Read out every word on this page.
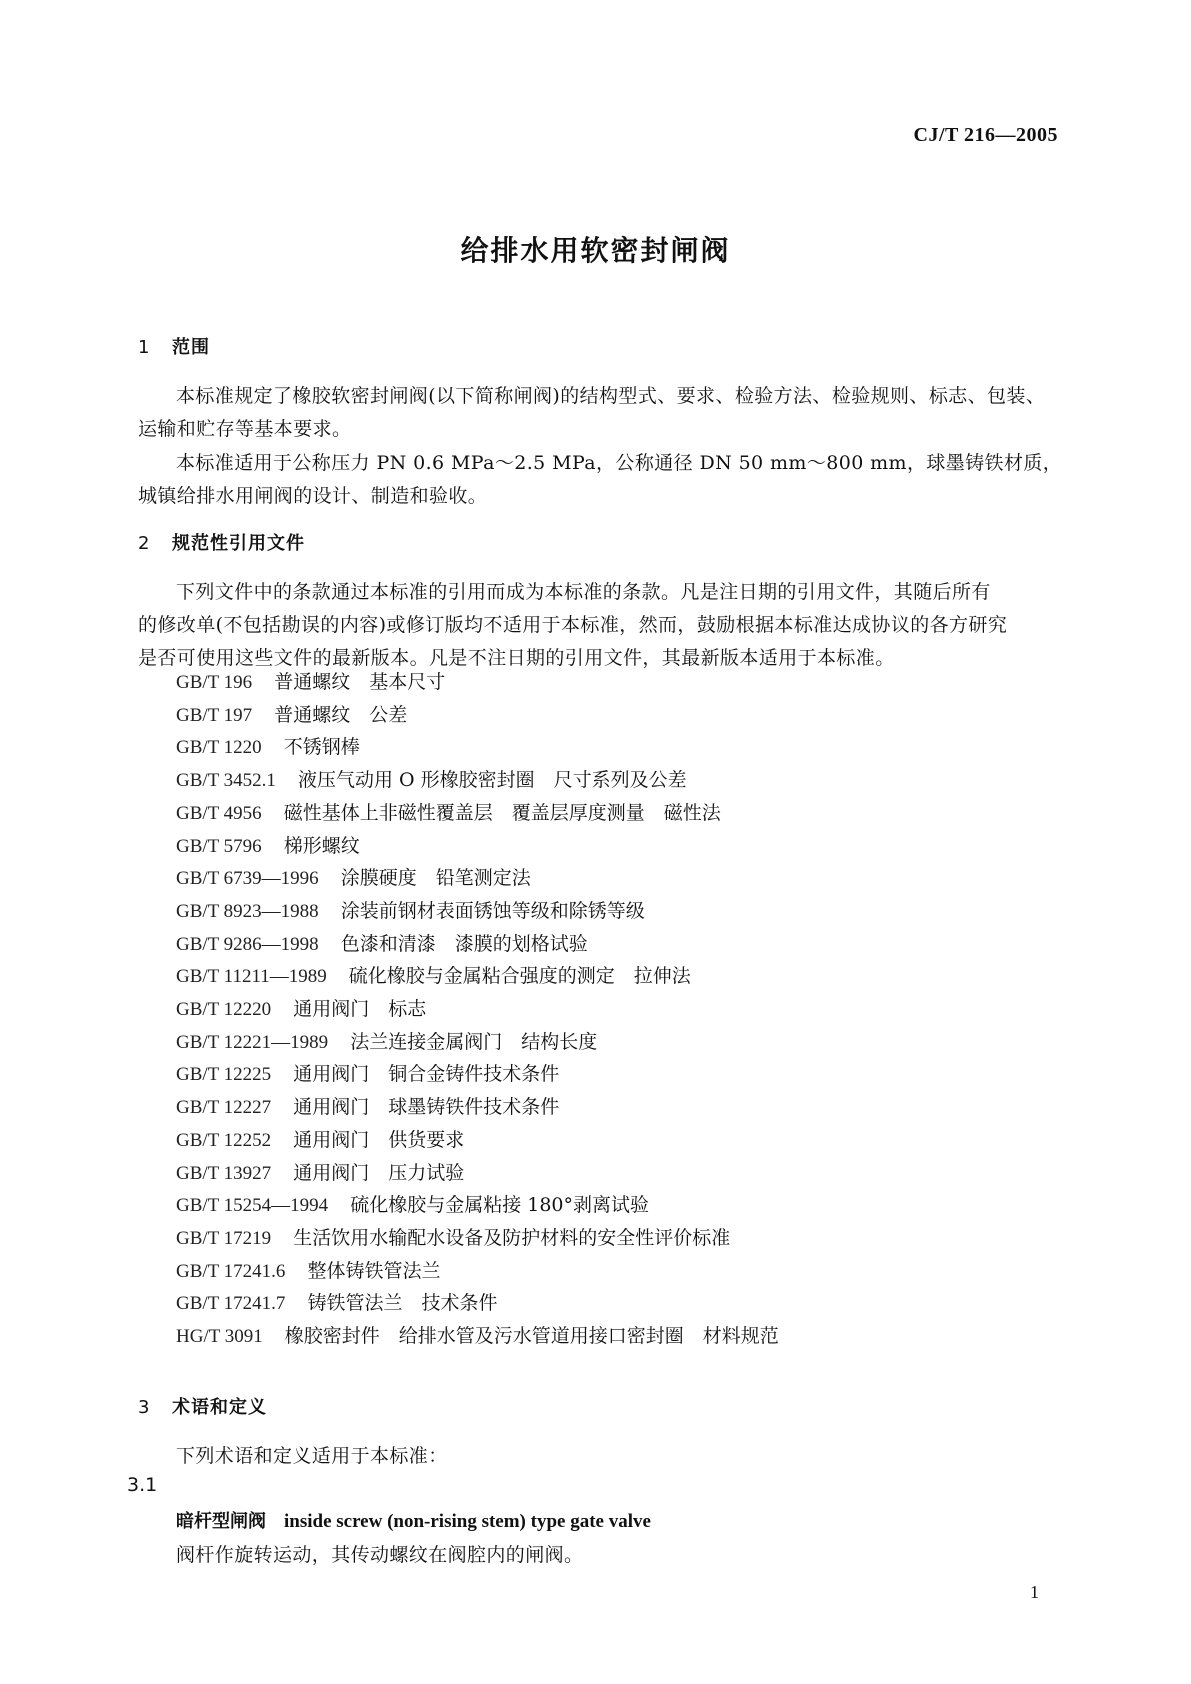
CJ/T 216—2005
给排水用软密封闸阀
1 范围
本标准规定了橡胶软密封闸阀(以下简称闸阀)的结构型式、要求、检验方法、检验规则、标志、包装、
运输和贮存等基本要求。
本标准适用于公称压力 PN 0.6 MPa～2.5 MPa，公称通径 DN 50 mm～800 mm，球墨铸铁材质，
城镇给排水用闸阀的设计、制造和验收。
2 规范性引用文件
下列文件中的条款通过本标准的引用而成为本标准的条款。凡是注日期的引用文件，其随后所有
的修改单(不包括勘误的内容)或修订版均不适用于本标准，然而，鼓励根据本标准达成协议的各方研究
是否可使用这些文件的最新版本。凡是不注日期的引用文件，其最新版本适用于本标准。
GB/T 196 普通螺纹　基本尺寸
GB/T 197 普通螺纹　公差
GB/T 1220 不锈钢棒
GB/T 3452.1 液压气动用 O 形橡胶密封圈　尺寸系列及公差
GB/T 4956 磁性基体上非磁性覆盖层　覆盖层厚度测量　磁性法
GB/T 5796 梯形螺纹
GB/T 6739—1996 涂膜硬度　铅笔测定法
GB/T 8923—1988 涂装前钢材表面锈蚀等级和除锈等级
GB/T 9286—1998 色漆和清漆　漆膜的划格试验
GB/T 11211—1989 硫化橡胶与金属粘合强度的测定　拉伸法
GB/T 12220 通用阀门　标志
GB/T 12221—1989 法兰连接金属阀门　结构长度
GB/T 12225 通用阀门　铜合金铸件技术条件
GB/T 12227 通用阀门　球墨铸铁件技术条件
GB/T 12252 通用阀门　供货要求
GB/T 13927 通用阀门　压力试验
GB/T 15254—1994 硫化橡胶与金属粘接 180°剥离试验
GB/T 17219 生活饮用水输配水设备及防护材料的安全性评价标准
GB/T 17241.6 整体铸铁管法兰
GB/T 17241.7 铸铁管法兰　技术条件
HG/T 3091 橡胶密封件　给排水管及污水管道用接口密封圈　材料规范
3 术语和定义
下列术语和定义适用于本标准：
3.1
暗杆型闸阀 inside screw (non-rising stem) type gate valve
阀杆作旋转运动，其传动螺纹在阀腔内的闸阀。
1
